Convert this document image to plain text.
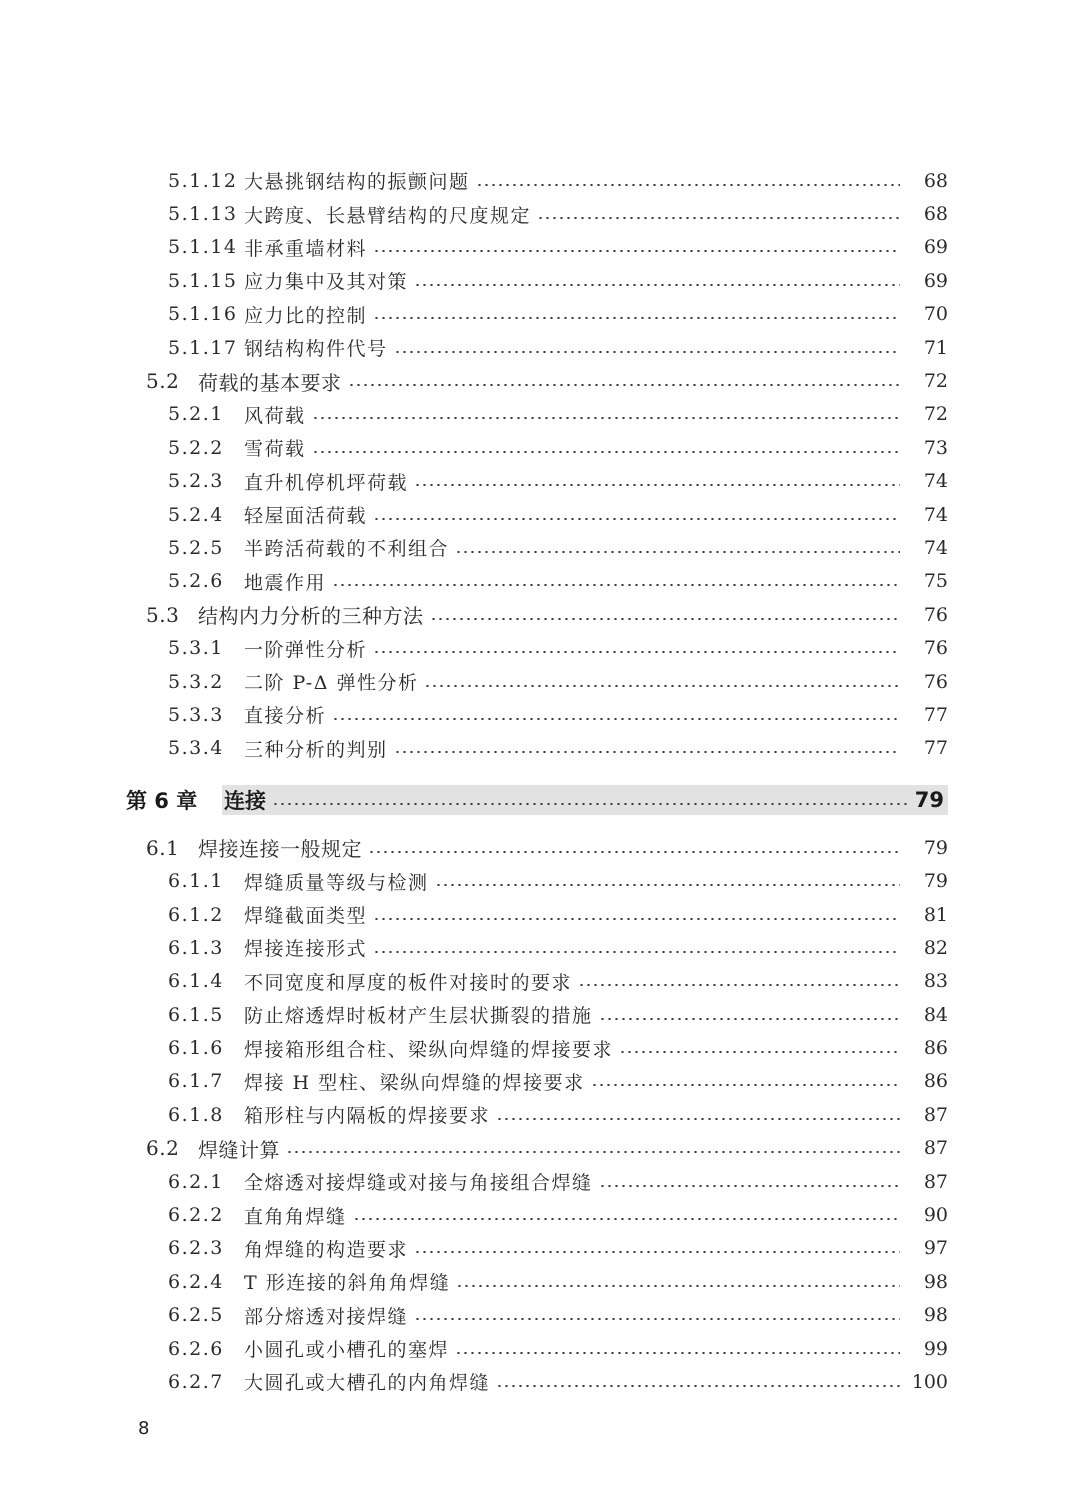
5.1.12 大悬挑钢结构的振颤问题	68
5.1.13 大跨度、长悬臂结构的尺度规定	68
5.1.14 非承重墙材料	69
5.1.15 应力集中及其对策	69
5.1.16 应力比的控制	70
5.1.17 钢结构构件代号	71
5.2 荷载的基本要求	72
5.2.1	风荷载	72
5.2.2	雪荷载	73
5.2.3	直升机停机坪荷载	74
5.2.4	轻屋面活荷载	74
5.2.5	半跨活荷载的不利组合	74
5.2.6	地震作用	75
5.3 结构内力分析的三种方法	76
5.3.1	一阶弹性分析	76
5.3.2	二阶 P-Δ 弹性分析	76
5.3.3	直接分析	77
5.3.4	三种分析的判别	77
第 6 章	连接	79
6.1 焊接连接一般规定	79
6.1.1	焊缝质量等级与检测	79
6.1.2	焊缝截面类型	81
6.1.3	焊接连接形式	82
6.1.4	不同宽度和厚度的板件对接时的要求	83
6.1.5	防止熔透焊时板材产生层状撕裂的措施	84
6.1.6	焊接箱形组合柱、梁纵向焊缝的焊接要求	86
6.1.7	焊接 H 型柱、梁纵向焊缝的焊接要求	86
6.1.8	箱形柱与内隔板的焊接要求	87
6.2 焊缝计算	87
6.2.1	全熔透对接焊缝或对接与角接组合焊缝	87
6.2.2	直角角焊缝	90
6.2.3	角焊缝的构造要求	97
6.2.4	T 形连接的斜角角焊缝	98
6.2.5	部分熔透对接焊缝	98
6.2.6	小圆孔或小槽孔的塞焊	99
6.2.7	大圆孔或大槽孔的内角焊缝	100
8
